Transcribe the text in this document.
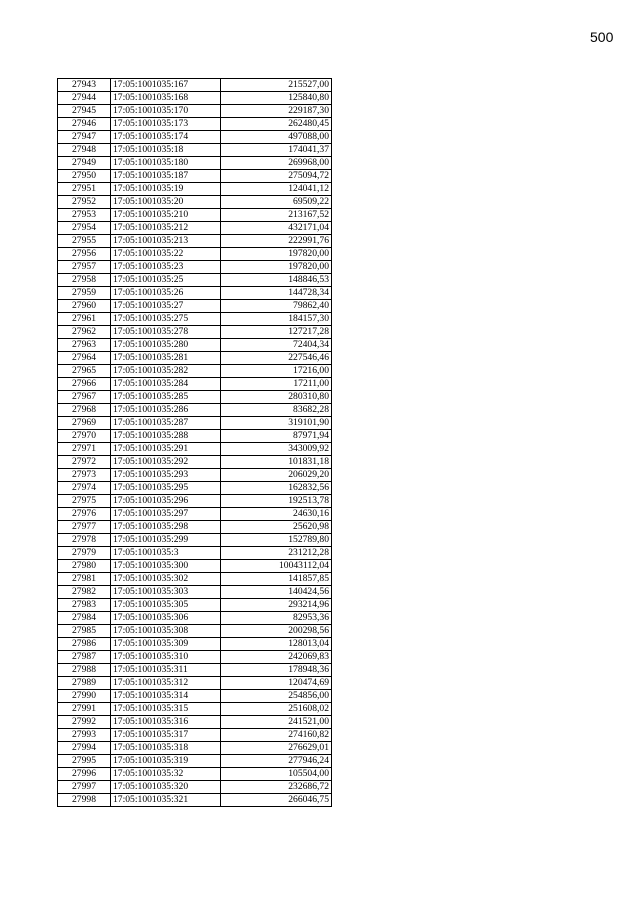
500
27943	17:05:1001035:167	215527,00
27944	17:05:1001035:168	125840,80
27945	17:05:1001035:170	229187,30
27946	17:05:1001035:173	262480,45
27947	17:05:1001035:174	497088,00
27948	17:05:1001035:18	174041,37
27949	17:05:1001035:180	269968,00
27950	17:05:1001035:187	275094,72
27951	17:05:1001035:19	124041,12
27952	17:05:1001035:20	69509,22
27953	17:05:1001035:210	213167,52
27954	17:05:1001035:212	432171,04
27955	17:05:1001035:213	222991,76
27956	17:05:1001035:22	197820,00
27957	17:05:1001035:23	197820,00
27958	17:05:1001035:25	148846,53
27959	17:05:1001035:26	144728,34
27960	17:05:1001035:27	79862,40
27961	17:05:1001035:275	184157,30
27962	17:05:1001035:278	127217,28
27963	17:05:1001035:280	72404,34
27964	17:05:1001035:281	227546,46
27965	17:05:1001035:282	17216,00
27966	17:05:1001035:284	17211,00
27967	17:05:1001035:285	280310,80
27968	17:05:1001035:286	83682,28
27969	17:05:1001035:287	319101,90
27970	17:05:1001035:288	87971,94
27971	17:05:1001035:291	343009,92
27972	17:05:1001035:292	101831,18
27973	17:05:1001035:293	206029,20
27974	17:05:1001035:295	162832,56
27975	17:05:1001035:296	192513,78
27976	17:05:1001035:297	24630,16
27977	17:05:1001035:298	25620,98
27978	17:05:1001035:299	152789,80
27979	17:05:1001035:3	231212,28
27980	17:05:1001035:300	10043112,04
27981	17:05:1001035:302	141857,85
27982	17:05:1001035:303	140424,56
27983	17:05:1001035:305	293214,96
27984	17:05:1001035:306	82953,36
27985	17:05:1001035:308	200298,56
27986	17:05:1001035:309	128013,04
27987	17:05:1001035:310	242069,83
27988	17:05:1001035:311	178948,36
27989	17:05:1001035:312	120474,69
27990	17:05:1001035:314	254856,00
27991	17:05:1001035:315	251608,02
27992	17:05:1001035:316	241521,00
27993	17:05:1001035:317	274160,82
27994	17:05:1001035:318	276629,01
27995	17:05:1001035:319	277946,24
27996	17:05:1001035:32	105504,00
27997	17:05:1001035:320	232686,72
27998	17:05:1001035:321	266046,75
